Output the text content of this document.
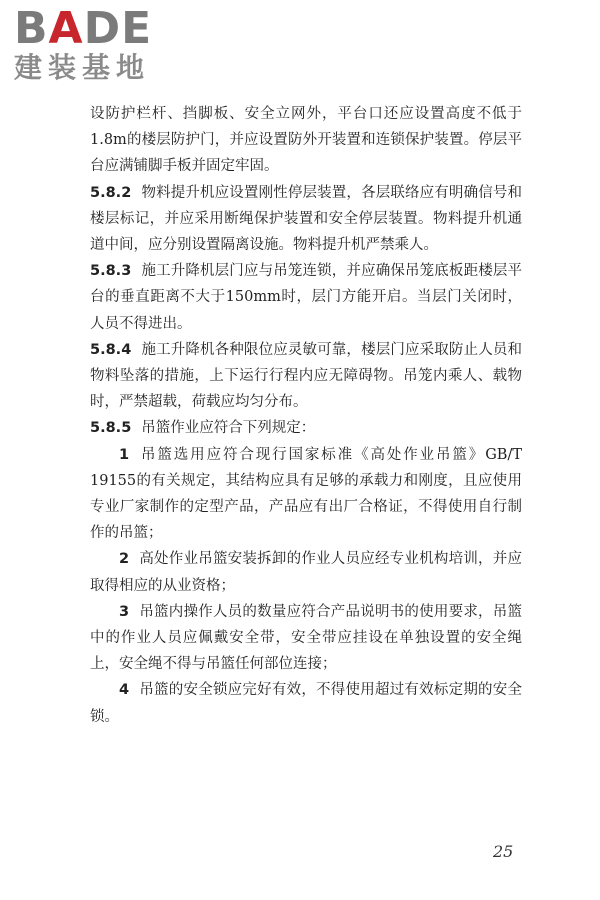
BADE
建装基地

设防护栏杆、挡脚板、安全立网外，平台口还应设置高度不低于1.8m的楼层防护门，并应设置防外开装置和连锁保护装置。停层平台应满铺脚手板并固定牢固。

5.8.2 物料提升机应设置刚性停层装置，各层联络应有明确信号和楼层标记，并应采用断绳保护装置和安全停层装置。物料提升机通道中间，应分别设置隔离设施。物料提升机严禁乘人。

5.8.3 施工升降机层门应与吊笼连锁，并应确保吊笼底板距楼层平台的垂直距离不大于150mm时，层门方能开启。当层门关闭时，人员不得进出。

5.8.4 施工升降机各种限位应灵敏可靠，楼层门应采取防止人员和物料坠落的措施，上下运行行程内应无障碍物。吊笼内乘人、载物时，严禁超载，荷载应均匀分布。

5.8.5 吊篮作业应符合下列规定：

1 吊篮选用应符合现行国家标准《高处作业吊篮》GB/T 19155的有关规定，其结构应具有足够的承载力和刚度，且应使用专业厂家制作的定型产品，产品应有出厂合格证，不得使用自行制作的吊篮；

2 高处作业吊篮安装拆卸的作业人员应经专业机构培训，并应取得相应的从业资格；

3 吊篮内操作人员的数量应符合产品说明书的使用要求，吊篮中的作业人员应佩戴安全带，安全带应挂设在单独设置的安全绳上，安全绳不得与吊篮任何部位连接；

4 吊篮的安全锁应完好有效，不得使用超过有效标定期的安全锁。

25
